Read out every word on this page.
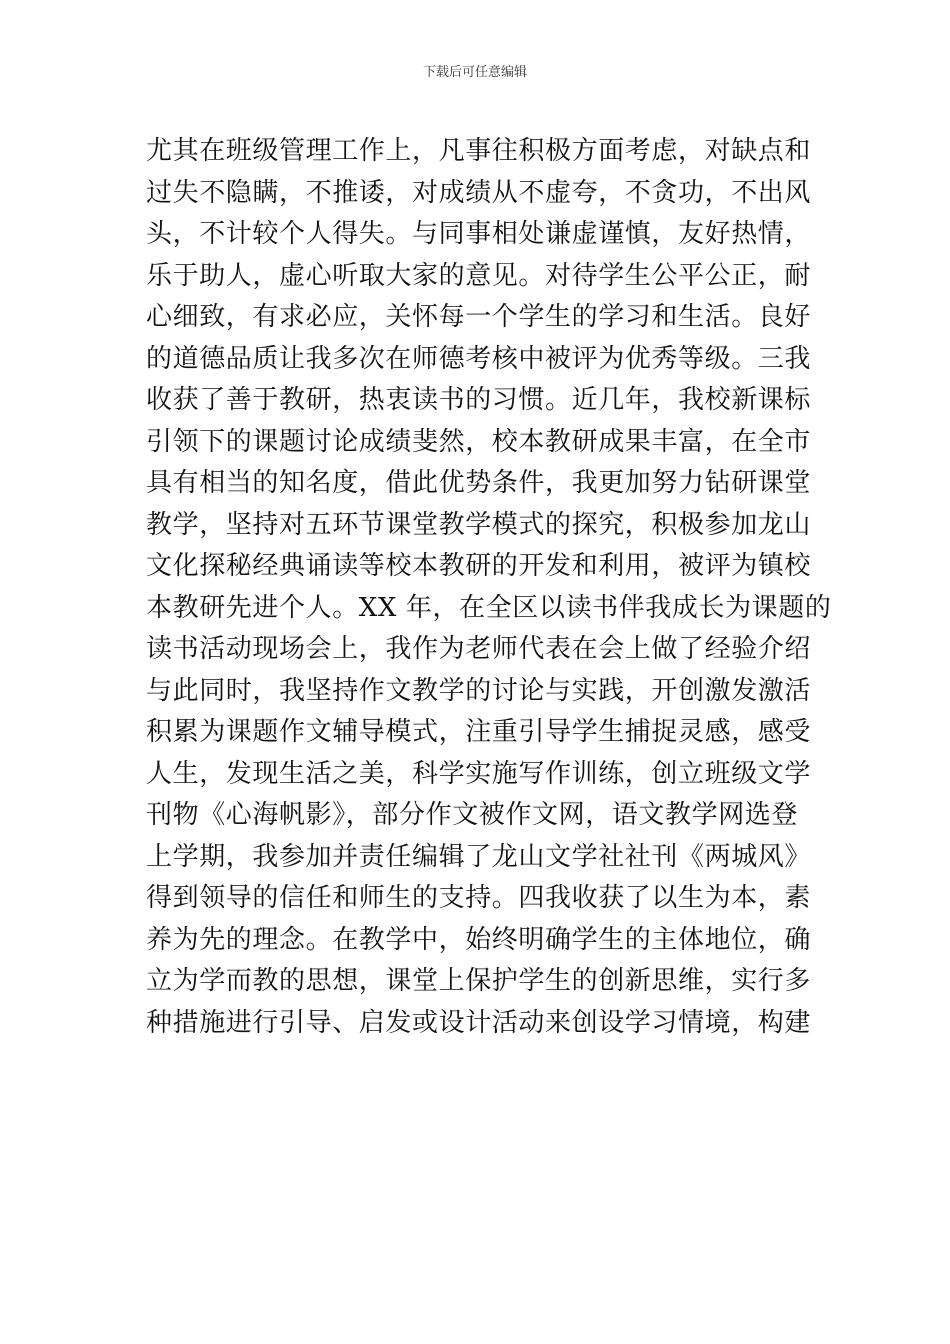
下载后可任意编辑
尤其在班级管理工作上，凡事往积极方面考虑，对缺点和
过失不隐瞒，不推诿，对成绩从不虚夸，不贪功，不出风
头，不计较个人得失。与同事相处谦虚谨慎，友好热情，
乐于助人，虚心听取大家的意见。对待学生公平公正，耐
心细致，有求必应，关怀每一个学生的学习和生活。良好
的道德品质让我多次在师德考核中被评为优秀等级。三我
收获了善于教研，热衷读书的习惯。近几年，我校新课标
引领下的课题讨论成绩斐然，校本教研成果丰富，在全市
具有相当的知名度，借此优势条件，我更加努力钻研课堂
教学，坚持对五环节课堂教学模式的探究，积极参加龙山
文化探秘经典诵读等校本教研的开发和利用，被评为镇校
本教研先进个人。XX 年，在全区以读书伴我成长为课题的
读书活动现场会上，我作为老师代表在会上做了经验介绍
与此同时，我坚持作文教学的讨论与实践，开创激发激活
积累为课题作文辅导模式，注重引导学生捕捉灵感，感受
人生，发现生活之美，科学实施写作训练，创立班级文学
刊物《心海帆影》，部分作文被作文网，语文教学网选登
上学期，我参加并责任编辑了龙山文学社社刊《两城风》
得到领导的信任和师生的支持。四我收获了以生为本，素
养为先的理念。在教学中，始终明确学生的主体地位，确
立为学而教的思想，课堂上保护学生的创新思维，实行多
种措施进行引导、启发或设计活动来创设学习情境，构建
